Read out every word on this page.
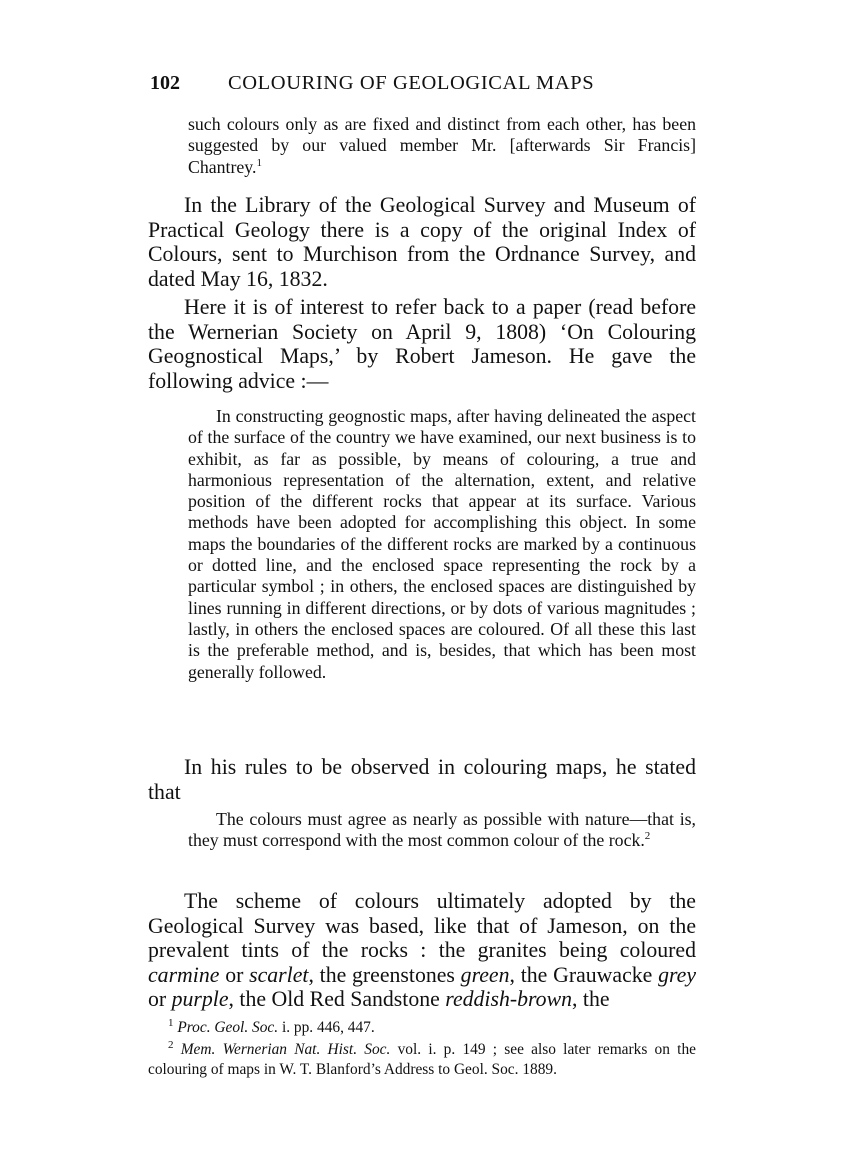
102 COLOURING OF GEOLOGICAL MAPS

such colours only as are fixed and distinct from each other, has been suggested by our valued member Mr. [afterwards Sir Francis] Chantrey.$^1$

In the Library of the Geological Survey and Museum of Practical Geology there is a copy of the original Index of Colours, sent to Murchison from the Ordnance Survey, and dated May 16, 1832.

Here it is of interest to refer back to a paper (read before the Wernerian Society on April 9, 1808) ‘On Colouring Geognostical Maps,’ by Robert Jameson. He gave the following advice :—

In constructing geognostic maps, after having delineated the aspect of the surface of the country we have examined, our next business is to exhibit, as far as possible, by means of colouring, a true and harmonious representation of the alternation, extent, and relative position of the different rocks that appear at its surface. Various methods have been adopted for accomplishing this object. In some maps the boundaries of the different rocks are marked by a continuous or dotted line, and the enclosed space representing the rock by a particular symbol ; in others, the enclosed spaces are distinguished by lines running in different directions, or by dots of various magnitudes ; lastly, in others the enclosed spaces are coloured. Of all these this last is the preferable method, and is, besides, that which has been most generally followed.

In his rules to be observed in colouring maps, he stated that

The colours must agree as nearly as possible with nature—that is, they must correspond with the most common colour of the rock.$^2$

The scheme of colours ultimately adopted by the Geological Survey was based, like that of Jameson, on the prevalent tints of the rocks : the granites being coloured carmine or scarlet, the greenstones green, the Grauwacke grey or purple, the Old Red Sandstone reddish-brown, the

$^1$ Proc. Geol. Soc. i. pp. 446, 447.

$^2$ Mem. Wernerian Nat. Hist. Soc. vol. i. p. 149 ; see also later remarks on the colouring of maps in W. T. Blanford’s Address to Geol. Soc. 1889.
